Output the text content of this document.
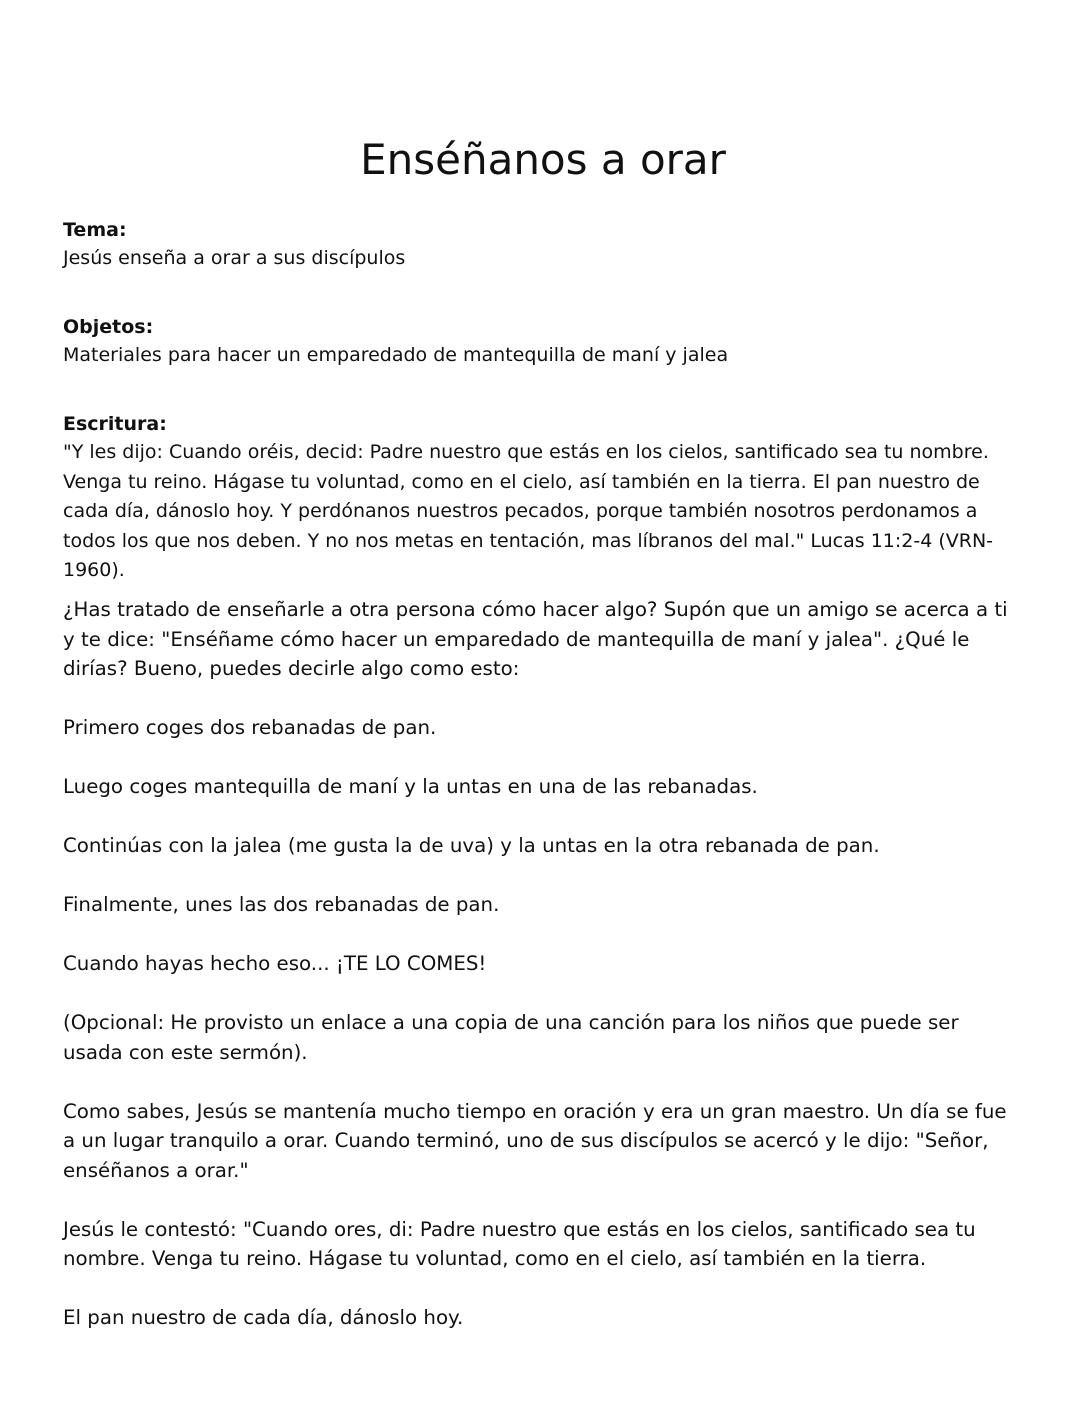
Enséñanos a orar

Tema:

Jesús enseña a orar a sus discípulos

Objetos:

Materiales para hacer un emparedado de mantequilla de maní y jalea

Escritura:

"Y les dijo: Cuando oréis, decid: Padre nuestro que estás en los cielos, santificado sea tu nombre. Venga tu reino. Hágase tu voluntad, como en el cielo, así también en la tierra. El pan nuestro de cada día, dánoslo hoy. Y perdónanos nuestros pecados, porque también nosotros perdonamos a todos los que nos deben. Y no nos metas en tentación, mas líbranos del mal." Lucas 11:2-4 (VRN-1960).

¿Has tratado de enseñarle a otra persona cómo hacer algo? Supón que un amigo se acerca a ti y te dice: "Enséñame cómo hacer un emparedado de mantequilla de maní y jalea". ¿Qué le dirías? Bueno, puedes decirle algo como esto:

Primero coges dos rebanadas de pan.

Luego coges mantequilla de maní y la untas en una de las rebanadas.

Continúas con la jalea (me gusta la de uva) y la untas en la otra rebanada de pan.

Finalmente, unes las dos rebanadas de pan.

Cuando hayas hecho eso... ¡TE LO COMES!

(Opcional: He provisto un enlace a una copia de una canción para los niños que puede ser usada con este sermón).

Como sabes, Jesús se mantenía mucho tiempo en oración y era un gran maestro. Un día se fue a un lugar tranquilo a orar. Cuando terminó, uno de sus discípulos se acercó y le dijo: "Señor, enséñanos a orar."

Jesús le contestó: "Cuando ores, di: Padre nuestro que estás en los cielos, santificado sea tu nombre. Venga tu reino. Hágase tu voluntad, como en el cielo, así también en la tierra.

El pan nuestro de cada día, dánoslo hoy.
